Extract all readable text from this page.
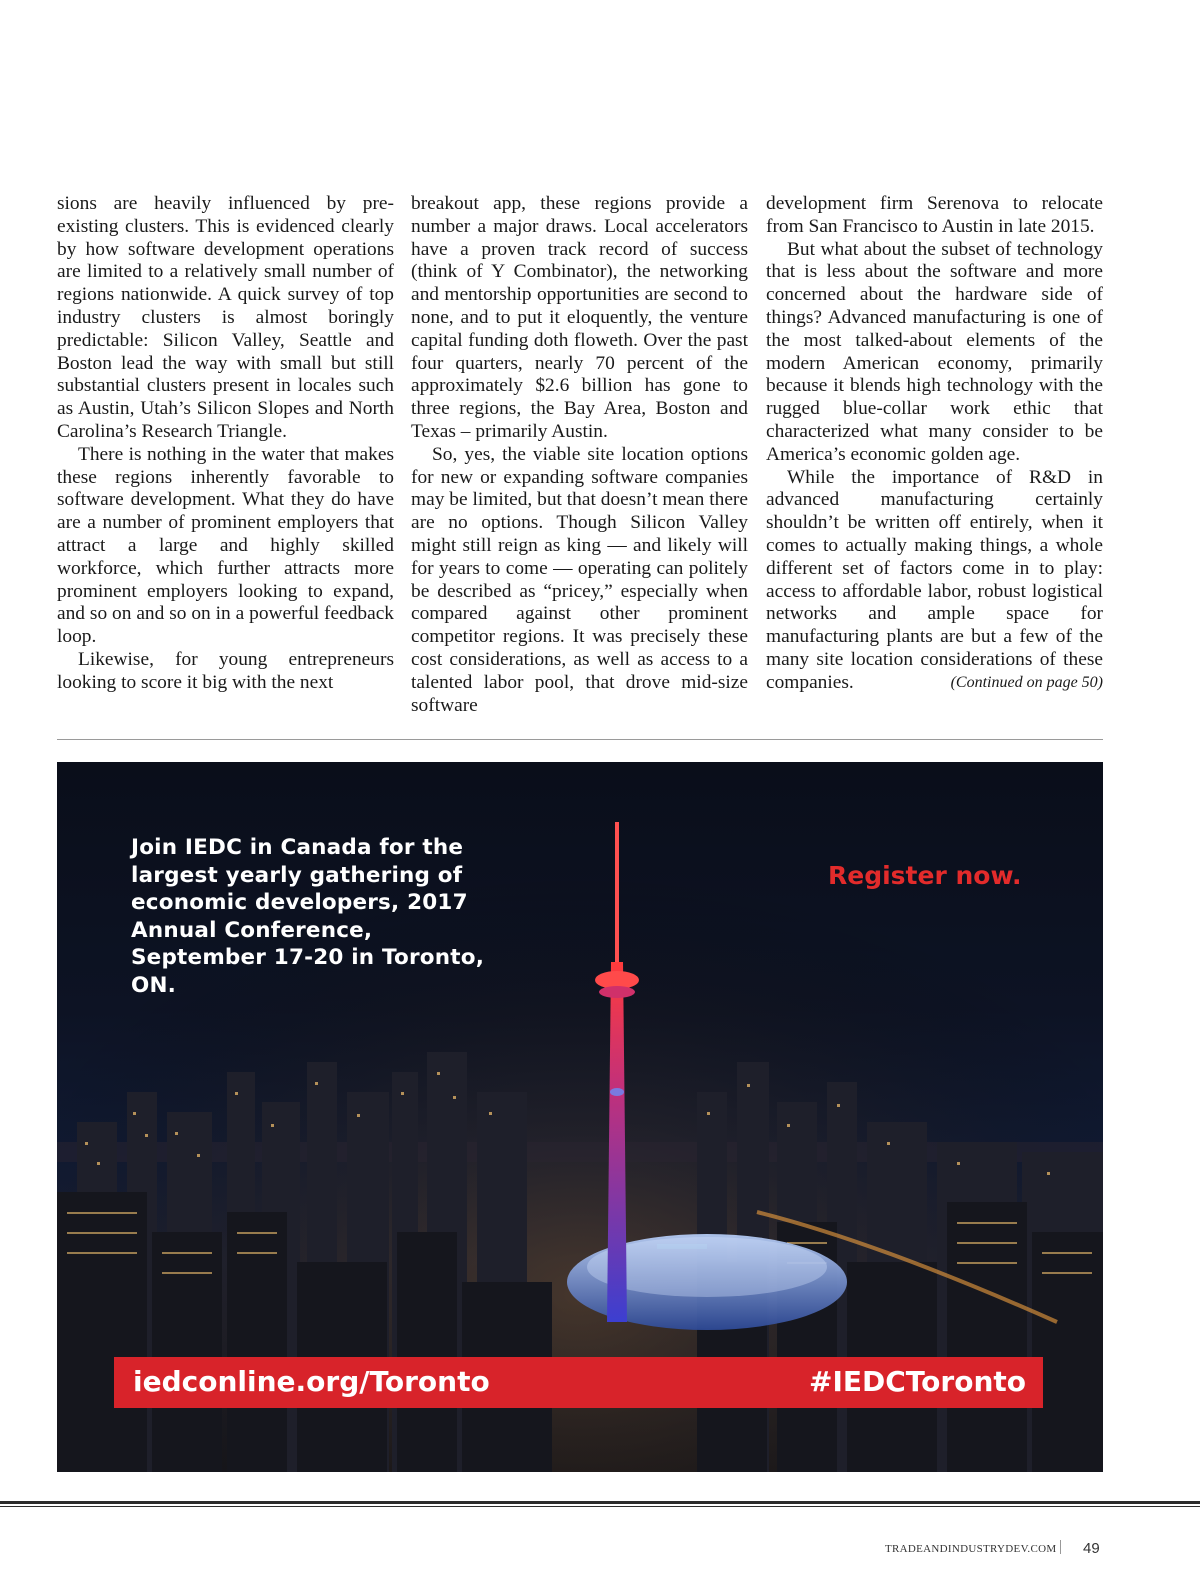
sions are heavily influenced by pre-existing clusters. This is evidenced clearly by how software development operations are limited to a relatively small number of regions nationwide. A quick survey of top industry clusters is almost boringly predictable: Silicon Valley, Seattle and Boston lead the way with small but still substantial clusters present in locales such as Austin, Utah’s Silicon Slopes and North Carolina’s Research Triangle.

There is nothing in the water that makes these regions inherently favorable to software development. What they do have are a number of prominent employers that attract a large and highly skilled workforce, which further attracts more prominent employers looking to expand, and so on and so on in a powerful feedback loop.

Likewise, for young entrepreneurs looking to score it big with the next

breakout app, these regions provide a number a major draws. Local accelerators have a proven track record of success (think of Y Combinator), the networking and mentorship opportunities are second to none, and to put it eloquently, the venture capital funding doth floweth. Over the past four quarters, nearly 70 percent of the approximately $2.6 billion has gone to three regions, the Bay Area, Boston and Texas – primarily Austin.

So, yes, the viable site location options for new or expanding software companies may be limited, but that doesn’t mean there are no options. Though Silicon Valley might still reign as king — and likely will for years to come — operating can politely be described as “pricey,” especially when compared against other prominent competitor regions. It was precisely these cost considerations, as well as access to a talented labor pool, that drove mid-size software

development firm Serenova to relocate from San Francisco to Austin in late 2015.

But what about the subset of technology that is less about the software and more concerned about the hardware side of things? Advanced manufacturing is one of the most talked-about elements of the modern American economy, primarily because it blends high technology with the rugged blue-collar work ethic that characterized what many consider to be America’s economic golden age.

While the importance of R&D in advanced manufacturing certainly shouldn’t be written off entirely, when it comes to actually making things, a whole different set of factors come in to play: access to affordable labor, robust logistical networks and ample space for manufacturing plants are but a few of the many site location considerations of these companies.	(Continued on page 50)

Join IEDC in Canada for the largest yearly gathering of economic developers, 2017 Annual Conference, September 17-20 in Toronto, ON.
Register now.
iedconline.org/Toronto	#IEDCToronto
TRADEANDINDUSTRYDEV.COM 49
